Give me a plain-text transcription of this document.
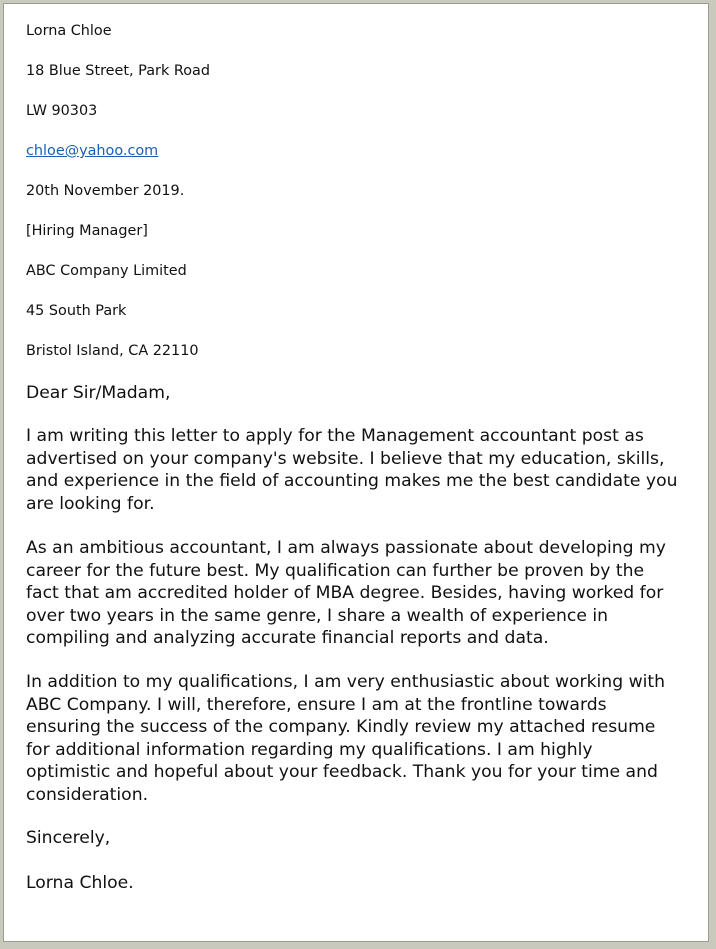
Lorna Chloe

18 Blue Street, Park Road

LW 90303

chloe@yahoo.com

20th November 2019.

[Hiring Manager]

ABC Company Limited

45 South Park

Bristol Island, CA 22110

Dear Sir/Madam,

I am writing this letter to apply for the Management accountant post as
advertised on your company's website. I believe that my education, skills,
and experience in the field of accounting makes me the best candidate you
are looking for.
As an ambitious accountant, I am always passionate about developing my
career for the future best. My qualification can further be proven by the
fact that am accredited holder of MBA degree. Besides, having worked for
over two years in the same genre, I share a wealth of experience in
compiling and analyzing accurate financial reports and data.
In addition to my qualifications, I am very enthusiastic about working with
ABC Company. I will, therefore, ensure I am at the frontline towards
ensuring the success of the company. Kindly review my attached resume
for additional information regarding my qualifications. I am highly
optimistic and hopeful about your feedback. Thank you for your time and
consideration.

Sincerely,

Lorna Chloe.
